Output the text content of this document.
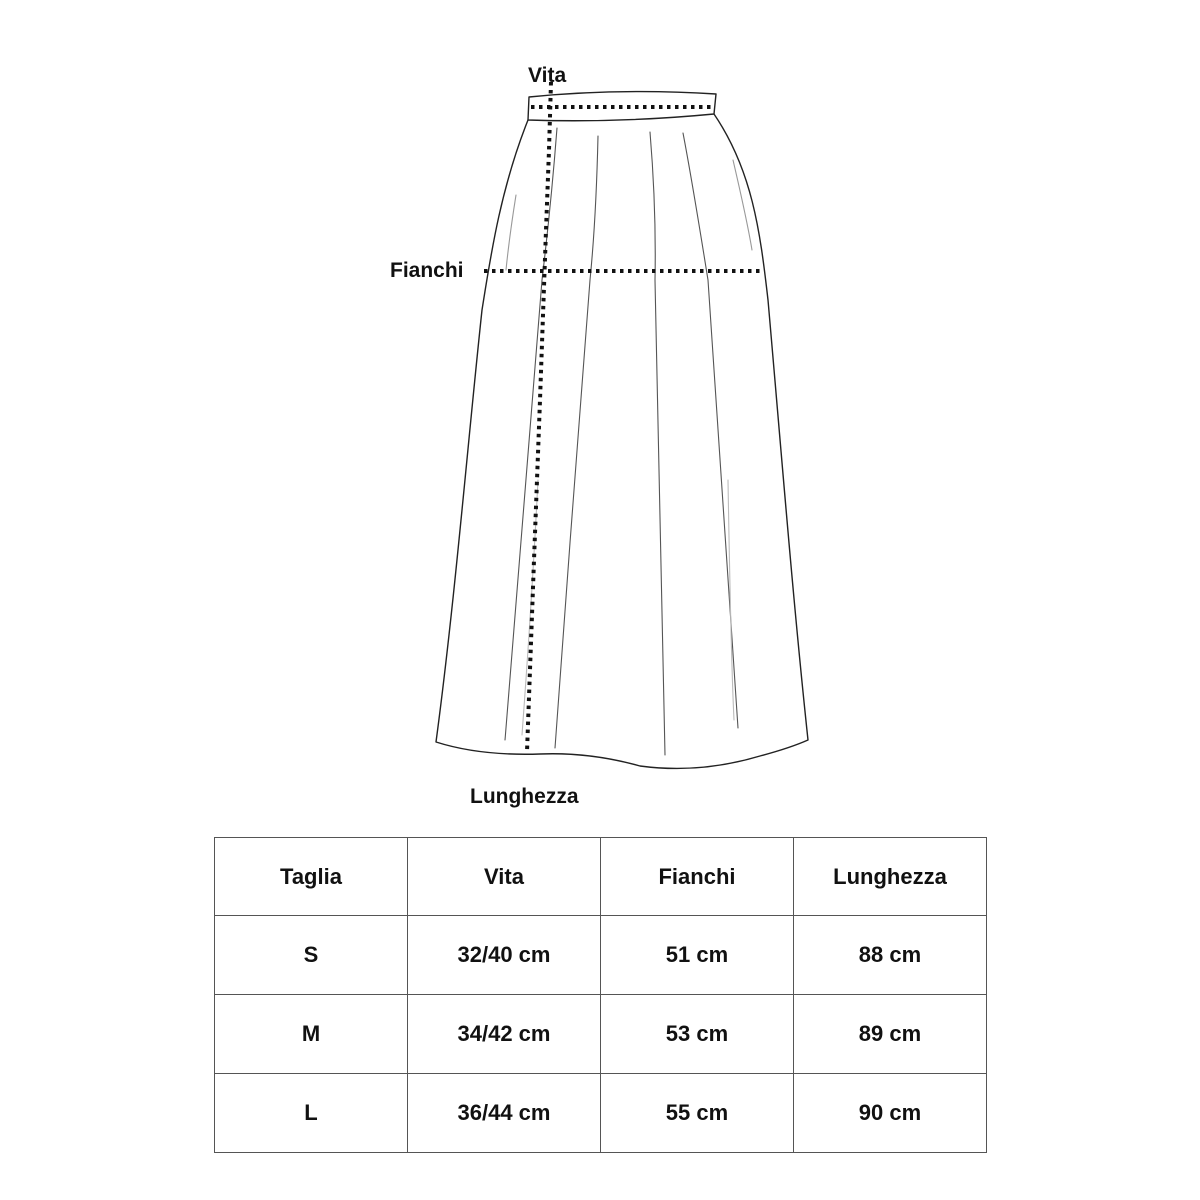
Vita
Fianchi
Lunghezza
Taglia	Vita	Fianchi	Lunghezza
S	32/40 cm	51 cm	88 cm
M	34/42 cm	53 cm	89 cm
L	36/44 cm	55 cm	90 cm
